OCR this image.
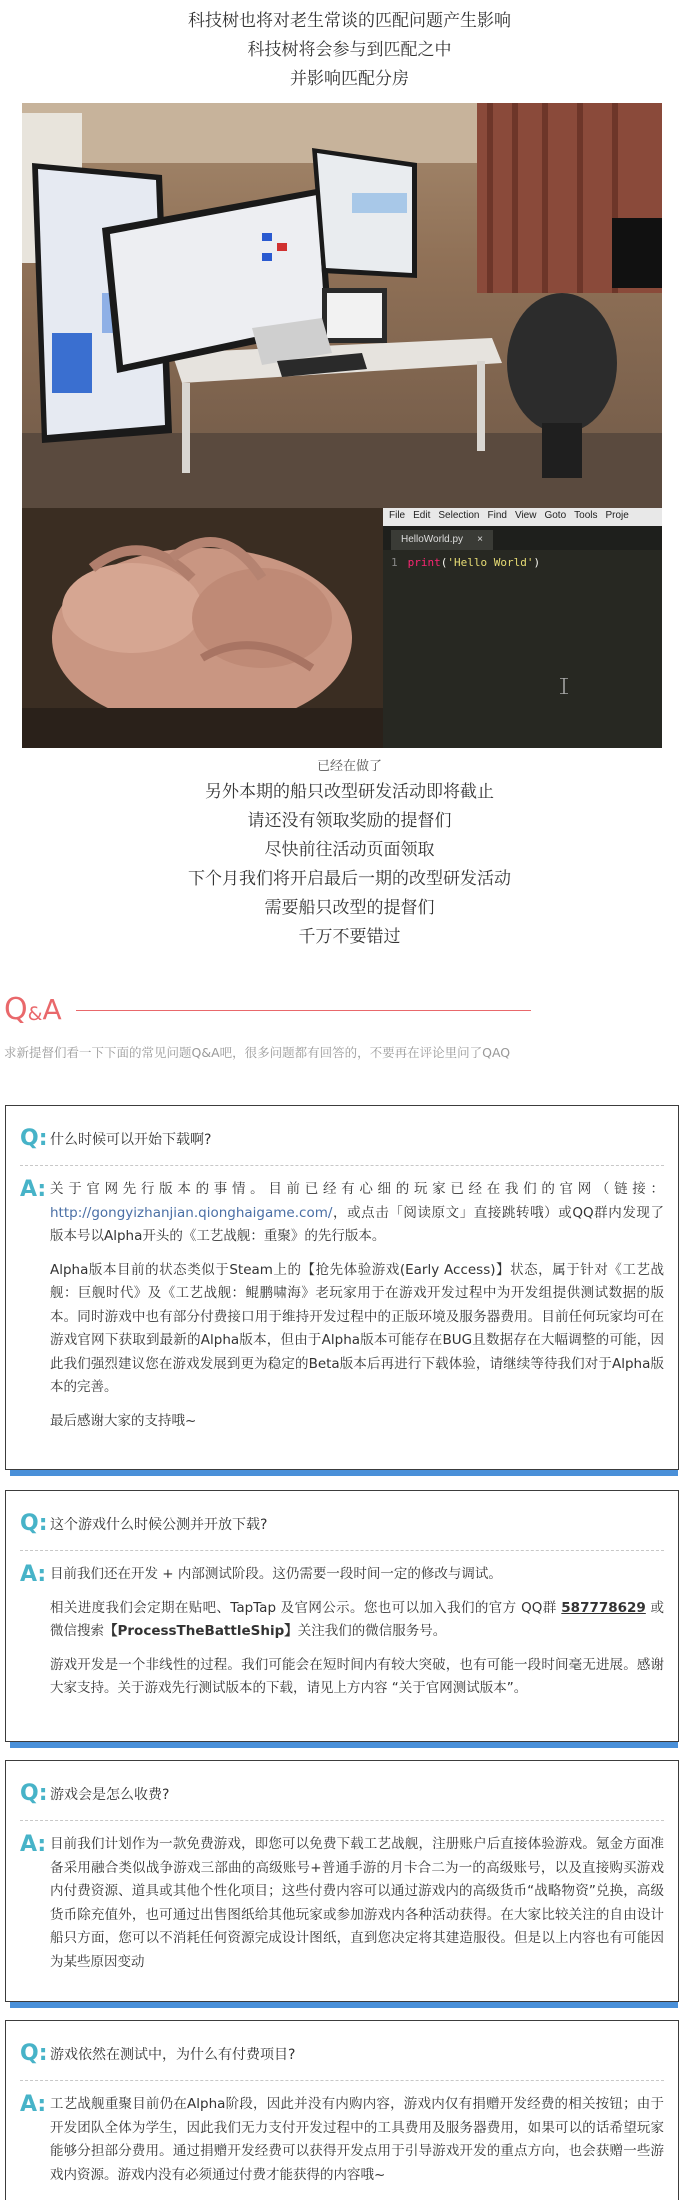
科技树也将对老生常谈的匹配问题产生影响

科技树将会参与到匹配之中

并影响匹配分房

File Edit Selection Find View Goto Tools Proje
HelloWorld.py ×
1 print('Hello World')

已经在做了

另外本期的船只改型研发活动即将截止

请还没有领取奖励的提督们

尽快前往活动页面领取

下个月我们将开启最后一期的改型研发活动

需要船只改型的提督们

千万不要错过

Q & A
求新提督们看一下下面的常见问题Q&A吧，很多问题都有回答的，不要再在评论里问了QAQ
Q: 什么时候可以开始下载啊?
A: 关于官网先行版本的事情。目前已经有心细的玩家已经在我们的官网（链接：http://gongyizhanjian.qionghaigame.com/，或点击「阅读原文」直接跳转哦）或QQ群内发现了版本号以Alpha开头的《工艺战舰：重聚》的先行版本。

Alpha版本目前的状态类似于Steam上的【抢先体验游戏(Early Access)】状态，属于针对《工艺战舰：巨舰时代》及《工艺战舰：鲲鹏啸海》老玩家用于在游戏开发过程中为开发组提供测试数据的版本。同时游戏中也有部分付费接口用于维持开发过程中的正版环境及服务器费用。目前任何玩家均可在游戏官网下获取到最新的Alpha版本，但由于Alpha版本可能存在BUG且数据存在大幅调整的可能，因此我们强烈建议您在游戏发展到更为稳定的Beta版本后再进行下载体验，请继续等待我们对于Alpha版本的完善。

最后感谢大家的支持哦~

Q: 这个游戏什么时候公测并开放下载?
A: 目前我们还在开发 + 内部测试阶段。这仍需要一段时间一定的修改与调试。

相关进度我们会定期在贴吧、TapTap 及官网公示。您也可以加入我们的官方 QQ群 587778629 或微信搜索【ProcessTheBattleShip】关注我们的微信服务号。

游戏开发是一个非线性的过程。我们可能会在短时间内有较大突破，也有可能一段时间毫无进展。感谢大家支持。关于游戏先行测试版本的下载，请见上方内容 “关于官网测试版本”。

Q: 游戏会是怎么收费?
A: 目前我们计划作为一款免费游戏，即您可以免费下载工艺战舰，注册账户后直接体验游戏。氪金方面准备采用融合类似战争游戏三部曲的高级账号+普通手游的月卡合二为一的高级账号，以及直接购买游戏内付费资源、道具或其他个性化项目；这些付费内容可以通过游戏内的高级货币“战略物资”兑换，高级货币除充值外，也可通过出售图纸给其他玩家或参加游戏内各种活动获得。在大家比较关注的自由设计船只方面，您可以不消耗任何资源完成设计图纸，直到您决定将其建造服役。但是以上内容也有可能因为某些原因变动

Q: 游戏依然在测试中，为什么有付费项目?
A: 工艺战舰重聚目前仍在Alpha阶段，因此并没有内购内容，游戏内仅有捐赠开发经费的相关按钮；由于开发团队全体为学生，因此我们无力支付开发过程中的工具费用及服务器费用，如果可以的话希望玩家能够分担部分费用。通过捐赠开发经费可以获得开发点用于引导游戏开发的重点方向，也会获赠一些游戏内资源。游戏内没有必须通过付费才能获得的内容哦~
